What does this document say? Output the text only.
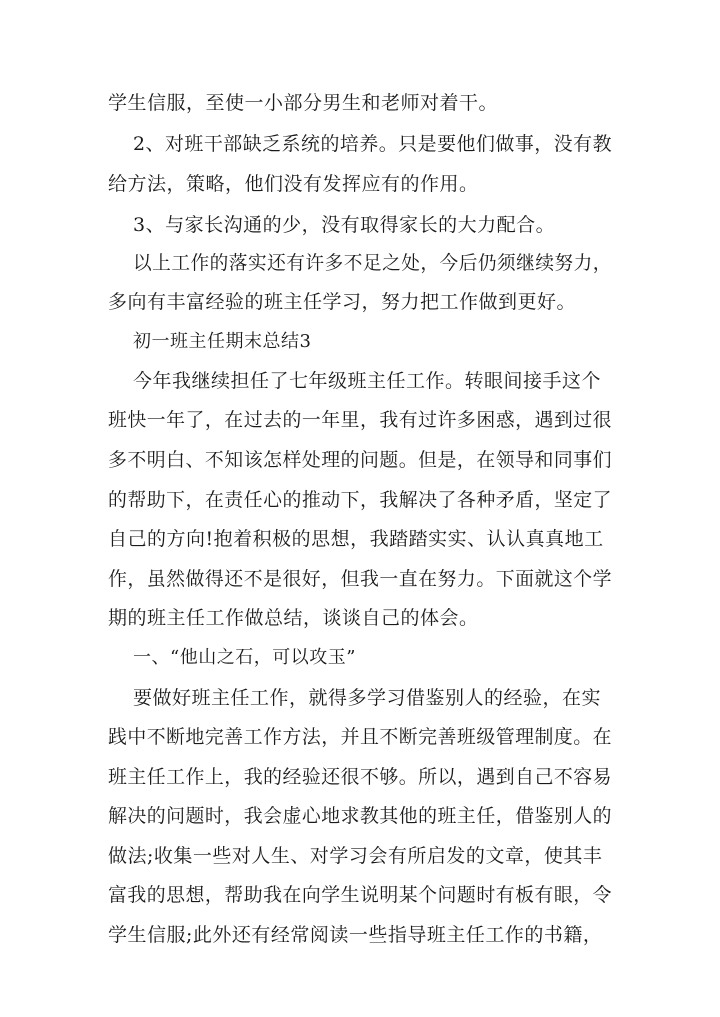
学生信服，至使一小部分男生和老师对着干。
2、对班干部缺乏系统的培养。只是要他们做事，没有教
给方法，策略，他们没有发挥应有的作用。
3、与家长沟通的少，没有取得家长的大力配合。
以上工作的落实还有许多不足之处，今后仍须继续努力，
多向有丰富经验的班主任学习，努力把工作做到更好。
初一班主任期末总结3
今年我继续担任了七年级班主任工作。转眼间接手这个
班快一年了，在过去的一年里，我有过许多困惑，遇到过很
多不明白、不知该怎样处理的问题。但是，在领导和同事们
的帮助下，在责任心的推动下，我解决了各种矛盾，坚定了
自己的方向!抱着积极的思想，我踏踏实实、认认真真地工
作，虽然做得还不是很好，但我一直在努力。下面就这个学
期的班主任工作做总结，谈谈自己的体会。
一、“他山之石，可以攻玉”
要做好班主任工作，就得多学习借鉴别人的经验，在实
践中不断地完善工作方法，并且不断完善班级管理制度。在
班主任工作上，我的经验还很不够。所以，遇到自己不容易
解决的问题时，我会虚心地求教其他的班主任，借鉴别人的
做法;收集一些对人生、对学习会有所启发的文章，使其丰
富我的思想，帮助我在向学生说明某个问题时有板有眼，令
学生信服;此外还有经常阅读一些指导班主任工作的书籍，
